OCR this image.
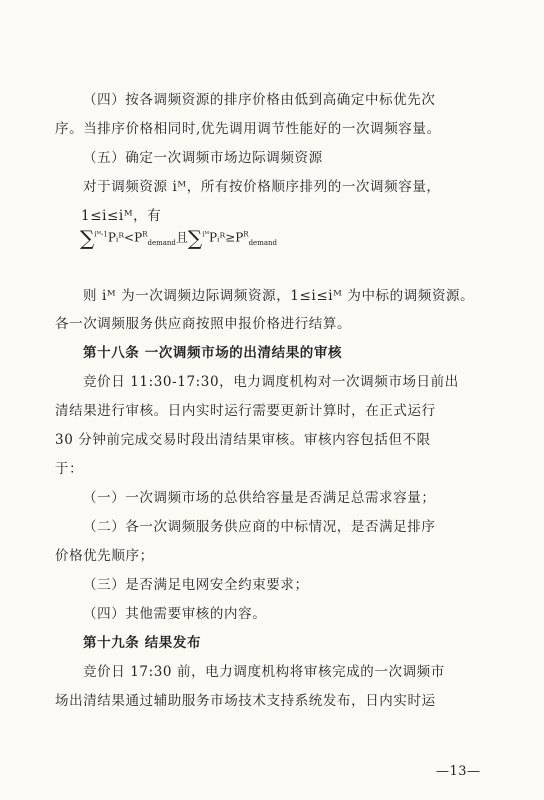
（四）按各调频资源的排序价格由低到高确定中标优先次
序。当排序价格相同时,优先调用调节性能好的一次调频容量。
（五）确定一次调频市场边际调频资源
对于调频资源 iᴹ，所有按价格顺序排列的一次调频容量，
1≤i≤iᴹ，有
$\sum^{iᴹ-1}Pᵢᴿ<P^R_{demand}$且$\sum^{iᴹ}Pᵢᴿ\ge P^R_{demand}$
则 iᴹ 为一次调频边际调频资源，1≤i≤iᴹ 为中标的调频资源。
各一次调频服务供应商按照申报价格进行结算。
第十八条 一次调频市场的出清结果的审核
竞价日 11:30-17:30，电力调度机构对一次调频市场日前出
清结果进行审核。日内实时运行需要更新计算时，在正式运行
30 分钟前完成交易时段出清结果审核。审核内容包括但不限
于：
（一）一次调频市场的总供给容量是否满足总需求容量；
（二）各一次调频服务供应商的中标情况，是否满足排序
价格优先顺序；
（三）是否满足电网安全约束要求；
（四）其他需要审核的内容。
第十九条 结果发布
竞价日 17:30 前，电力调度机构将审核完成的一次调频市
场出清结果通过辅助服务市场技术支持系统发布，日内实时运
—13—
